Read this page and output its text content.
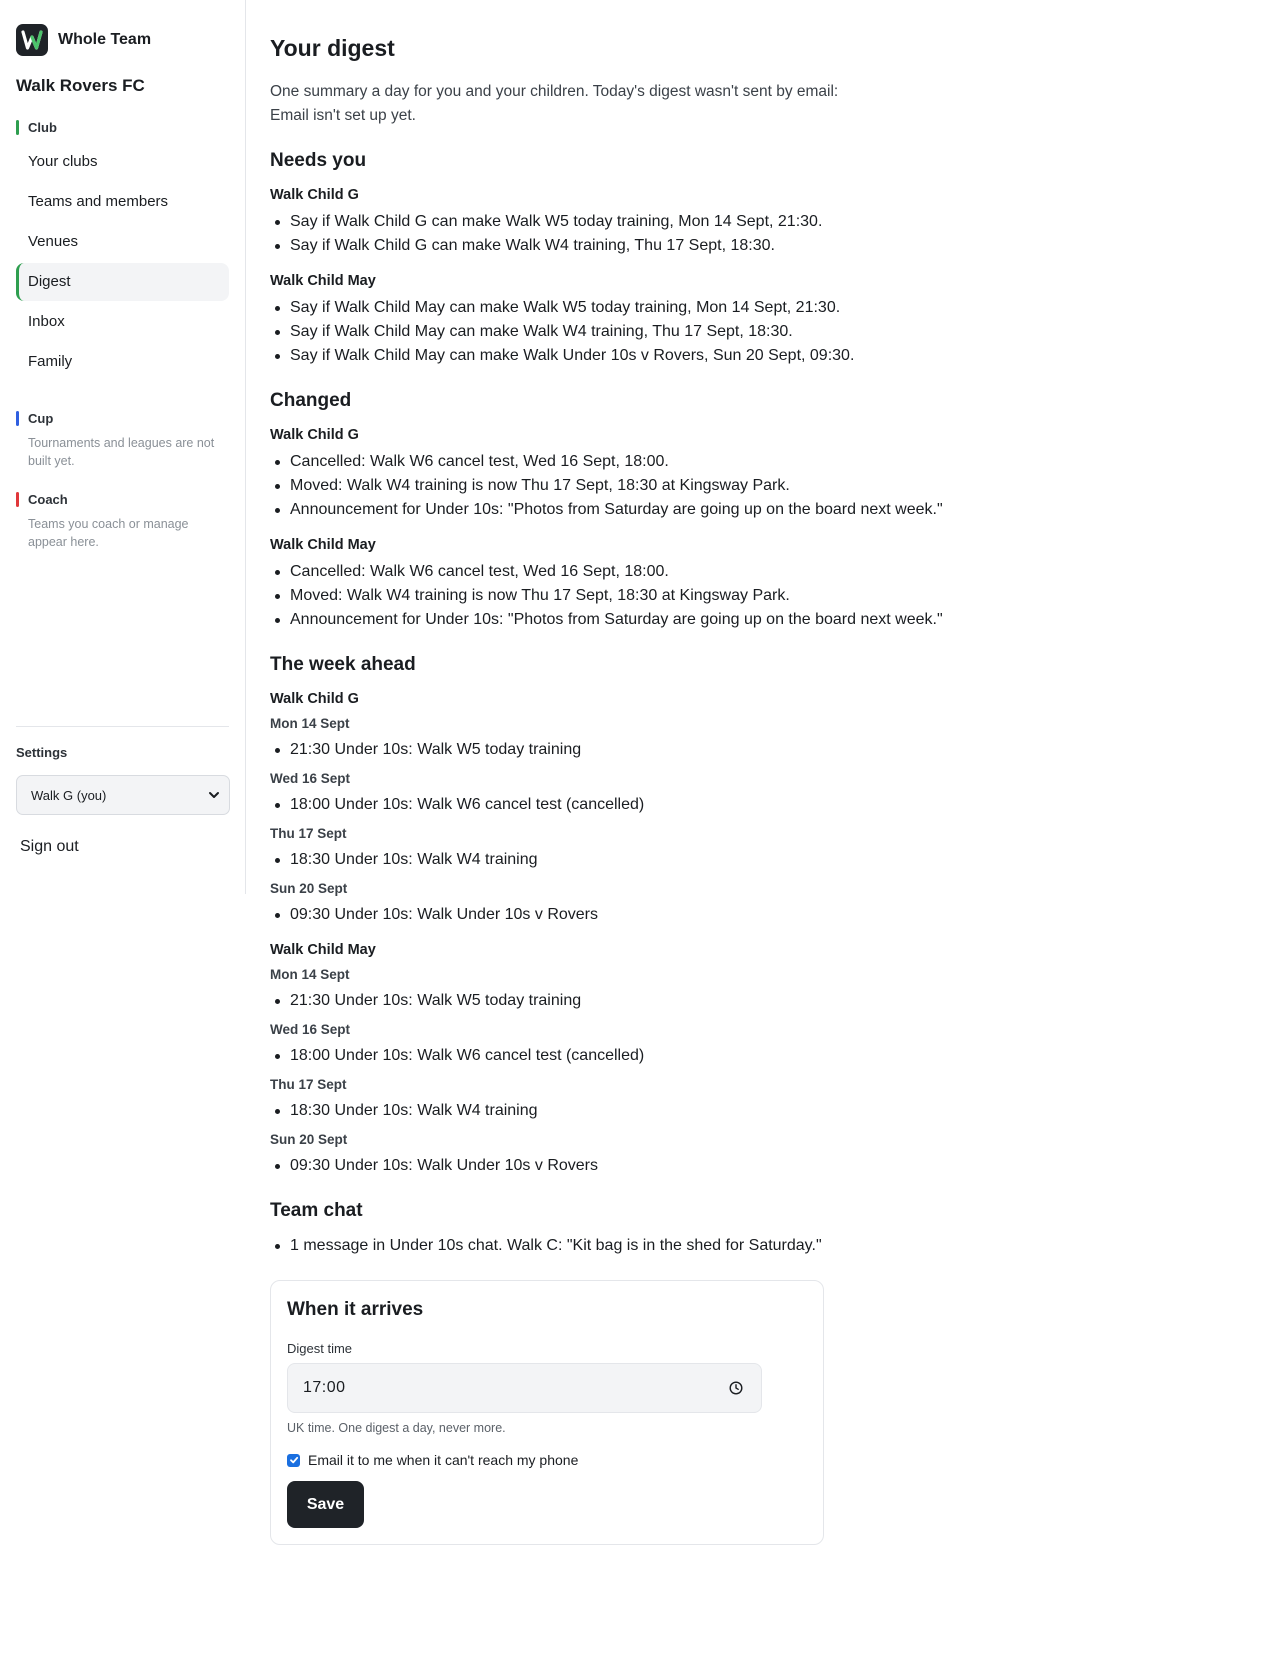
Whole Team
Walk Rovers FC
Club
Your clubs
Teams and members
Venues
Digest
Inbox
Family
Cup
Tournaments and leagues are not built yet.
Coach
Teams you coach or manage appear here.
Settings
Walk G (you)
Sign out
Your digest

One summary a day for you and your children. Today's digest wasn't sent by email: Email isn't set up yet.

Needs you
Walk Child G
Say if Walk Child G can make Walk W5 today training, Mon 14 Sept, 21:30.
Say if Walk Child G can make Walk W4 training, Thu 17 Sept, 18:30.
Walk Child May
Say if Walk Child May can make Walk W5 today training, Mon 14 Sept, 21:30.
Say if Walk Child May can make Walk W4 training, Thu 17 Sept, 18:30.
Say if Walk Child May can make Walk Under 10s v Rovers, Sun 20 Sept, 09:30.
Changed
Walk Child G
Cancelled: Walk W6 cancel test, Wed 16 Sept, 18:00.
Moved: Walk W4 training is now Thu 17 Sept, 18:30 at Kingsway Park.
Announcement for Under 10s: "Photos from Saturday are going up on the board next week."
Walk Child May
Cancelled: Walk W6 cancel test, Wed 16 Sept, 18:00.
Moved: Walk W4 training is now Thu 17 Sept, 18:30 at Kingsway Park.
Announcement for Under 10s: "Photos from Saturday are going up on the board next week."
The week ahead
Walk Child G
Mon 14 Sept
21:30 Under 10s: Walk W5 today training
Wed 16 Sept
18:00 Under 10s: Walk W6 cancel test (cancelled)
Thu 17 Sept
18:30 Under 10s: Walk W4 training
Sun 20 Sept
09:30 Under 10s: Walk Under 10s v Rovers
Walk Child May
Mon 14 Sept
21:30 Under 10s: Walk W5 today training
Wed 16 Sept
18:00 Under 10s: Walk W6 cancel test (cancelled)
Thu 17 Sept
18:30 Under 10s: Walk W4 training
Sun 20 Sept
09:30 Under 10s: Walk Under 10s v Rovers
Team chat
1 message in Under 10s chat. Walk C: "Kit bag is in the shed for Saturday."
When it arrives
Digest time
17:00
UK time. One digest a day, never more.
Email it to me when it can't reach my phone
Save
